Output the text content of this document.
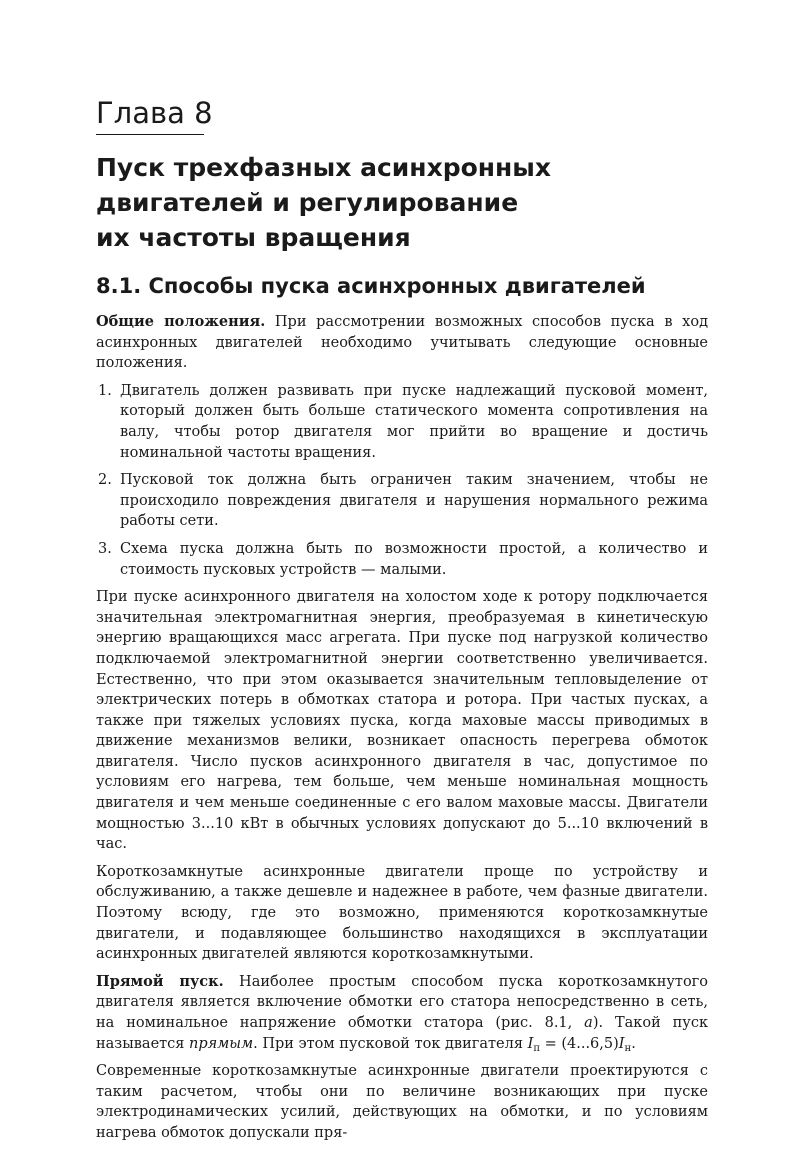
Глава 8
Пуск трехфазных асинхронных
двигателей и регулирование
их частоты вращения
8.1. Способы пуска асинхронных двигателей

Общие положения. При рассмотрении возможных способов пуска в ход асинхронных двигателей необходимо учитывать следующие основные положения.

1. Двигатель должен развивать при пуске надлежащий пусковой момент, который должен быть больше статического момента сопротивления на валу, чтобы ротор двигателя мог прийти во вращение и достичь номинальной частоты вращения.
2. Пусковой ток должна быть ограничен таким значением, чтобы не происходило повреждения двигателя и нарушения нормального режима работы сети.
3. Схема пуска должна быть по возможности простой, а количество и стоимость пусковых устройств — малыми.

При пуске асинхронного двигателя на холостом ходе к ротору подключается значительная электромагнитная энергия, преобразуемая в кинетическую энергию вращающихся масс агрегата. При пуске под нагрузкой количество подключаемой электромагнитной энергии соответственно увеличивается. Естественно, что при этом оказывается значительным тепловыделение от электрических потерь в обмотках статора и ротора. При частых пусках, а также при тяжелых условиях пуска, когда маховые массы приводимых в движение механизмов велики, возникает опасность перегрева обмоток двигателя. Число пусков асинхронного двигателя в час, допустимое по условиям его нагрева, тем больше, чем меньше номинальная мощность двигателя и чем меньше соединенные с его валом маховые массы. Двигатели мощностью 3...10 кВт в обычных условиях допускают до 5...10 включений в час.

Короткозамкнутые асинхронные двигатели проще по устройству и обслуживанию, а также дешевле и надежнее в работе, чем фазные двигатели. Поэтому всюду, где это возможно, применяются короткозамкнутые двигатели, и подавляющее большинство находящихся в эксплуатации асинхронных двигателей являются короткозамкнутыми.

Прямой пуск. Наиболее простым способом пуска короткозамкнутого двигателя является включение обмотки его статора непосредственно в сеть, на номинальное напряжение обмотки статора (рис. 8.1, а). Такой пуск называется прямым. При этом пусковой ток двигателя $I_п = (4...6,5)I_н$.

Современные короткозамкнутые асинхронные двигатели проектируются с таким расчетом, чтобы они по величине возникающих при пуске электродинамических усилий, действующих на обмотки, и по условиям нагрева обмоток допускали пря-
